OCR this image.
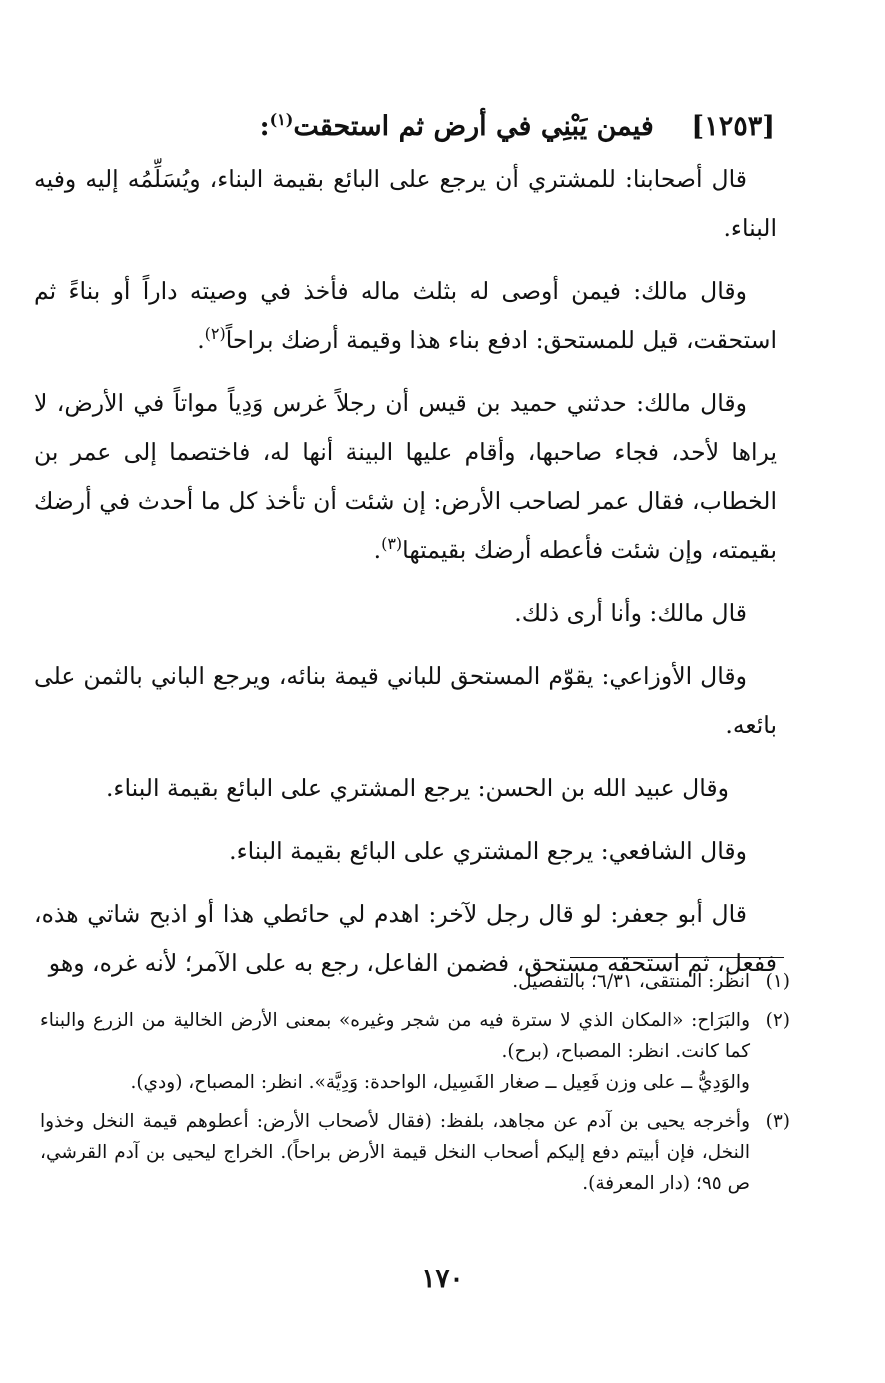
[١٢٥٣]    فيمن يَبْنِي في أرض ثم استحقت$^{(١)}$:

قال أصحابنا: للمشتري أن يرجع على البائع بقيمة البناء، ويُسَلِّمُه إليه وفيه البناء.

وقال مالك: فيمن أوصى له بثلث ماله فأخذ في وصيته داراً أو بناءً ثم استحقت، قيل للمستحق: ادفع بناء هذا وقيمة أرضك براحاً$^{(٢)}$.

وقال مالك: حدثني حميد بن قيس أن رجلاً غرس وَدِياً مواتاً في الأرض، لا يراها لأحد، فجاء صاحبها، وأقام عليها البينة أنها له، فاختصما إلى عمر بن الخطاب، فقال عمر لصاحب الأرض: إن شئت أن تأخذ كل ما أحدث في أرضك بقيمته، وإن شئت فأعطه أرضك بقيمتها$^{(٣)}$.

قال مالك: وأنا أرى ذلك.

وقال الأوزاعي: يقوّم المستحق للباني قيمة بنائه، ويرجع الباني بالثمن على بائعه.

وقال عبيد الله بن الحسن: يرجع المشتري على البائع بقيمة البناء.

وقال الشافعي: يرجع المشتري على البائع بقيمة البناء.

قال أبو جعفر: لو قال رجل لآخر: اهدم لي حائطي هذا أو اذبح شاتي هذه، ففعل، ثم استحقه مستحق، فضمن الفاعل، رجع به على الآمر؛ لأنه غره، وهو

(١)
انظر: المنتقى، ٦/٣١؛ بالتفصيل.
(٢)
والبَرَاح: «المكان الذي لا سترة فيه من شجر وغيره» بمعنى الأرض الخالية من الزرع والبناء كما كانت. انظر: المصباح، (برح).
والوَدِيُّ ــ على وزن فَعِيل ــ صغار الفَسِيل، الواحدة: وَدِيَّة». انظر: المصباح، (ودي).
(٣)
وأخرجه يحيى بن آدم عن مجاهد، بلفظ: (فقال لأصحاب الأرض: أعطوهم قيمة النخل وخذوا النخل، فإن أبيتم دفع إليكم أصحاب النخل قيمة الأرض براحاً). الخراج ليحيى بن آدم القرشي، ص ٩٥؛ (دار المعرفة).
١٧٠
